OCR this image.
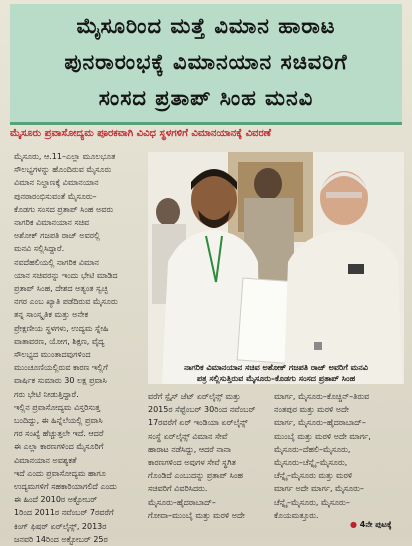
ಮೈಸೂರಿಂದ ಮತ್ತೆ ವಿಮಾನ ಹಾರಾಟ
ಪುನರಾರಂಭಕ್ಕೆ ವಿಮಾನಯಾನ ಸಚಿವರಿಗೆ
ಸಂಸದ ಪ್ರತಾಪ್ ಸಿಂಹ ಮನವಿ
ಮೈಸೂರು ಪ್ರವಾಸೋದ್ಯಮ ಪೂರಕವಾಗಿ ವಿವಿಧ ಸ್ಥಳಗಳಿಗೆ ವಿಮಾನಯಾನಕ್ಕೆ ವಿವರಣೆ

ಮೈಸೂರು, ಆ.11–ಎಲ್ಲಾ ಮೂಲಭೂತ

ಸೌಲಭ್ಯಗಳನ್ನು ಹೊಂದಿರುವ ಮೈಸೂರು

ವಿಮಾನ ನಿಲ್ದಾಣಕ್ಕೆ ವಿಮಾನಯಾನ

ಪುನರಾರಂಭಿಸುವಂತೆ ಮೈಸೂರು–

ಕೊಡಗು ಸಂಸದ ಪ್ರತಾಪ್ ಸಿಂಹ ಅವರು

ನಾಗರಿಕ ವಿಮಾನಯಾನ ಸಚಿವ

ಅಶೋಕ್ ಗಜಪತಿ ರಾಜ್ ಅವರಲ್ಲಿ

ಮನವಿ ಸಲ್ಲಿಸಿದ್ದಾರೆ.

ನವದೆಹಲಿಯಲ್ಲಿ ನಾಗರಿಕ ವಿಮಾನ

ಯಾನ ಸಚಿವರನ್ನು ಇಂದು ಭೇಟಿ ಮಾಡಿದ

ಪ್ರತಾಪ್ ಸಿಂಹ, ದೇಶದ ಅತ್ಯಂತ ಸ್ವಚ್ಛ

ನಗರ ಎಂಬ ಖ್ಯಾತಿ ಪಡೆದಿರುವ ಮೈಸೂರು

ತನ್ನ ಸಾಂಸ್ಕೃತಿಕ ಮತ್ತು ಅನೇಕ

ಪ್ರೇಕ್ಷಣೀಯ ಸ್ಥಳಗಳು, ಉದ್ಯಮ ಸ್ನೇಹಿ

ವಾತಾವರಣ, ಯೋಗ, ಶಿಕ್ಷಣ, ವೈದ್ಯ

ಸೌಲಭ್ಯದ ಮುಂತಾದವುಗಳಿಂದ

ಮುಂಚೂಣಿಯಲ್ಲಿರುವ ಕಾರಣ ಇಲ್ಲಿಗೆ

ವಾರ್ಷಿಕ ಸುಮಾರು 30 ಲಕ್ಷ ಪ್ರವಾಸಿ

ಗರು ಭೇಟಿ ನೀಡುತ್ತಿದ್ದಾರೆ.

ಇಲ್ಲಿನ ಪ್ರವಾಸೋದ್ಯಮ ವಿಸ್ತರಿಸುತ್ತ

ಬಂದಿದ್ದು, ಈ ಹಿನ್ನೆಲೆಯಲ್ಲಿ ಪ್ರವಾಸಿ

ಗರ ಸಂಖ್ಯೆ ಹೆಚ್ಚುತ್ತಲೇ ಇದೆ. ಆದರೆ

ಈ ಎಲ್ಲಾ ಕಾರಣಗಳಿಂದ ಮೈಸೂರಿಗೆ

ವಿಮಾನಯಾನ ಅವಶ್ಯಕತೆ

ಇದೆ ಎಂದು ಪ್ರವಾಸೋದ್ಯಮ ಹಾಗೂ

ಉದ್ಯಮಗಳಿಗೆ ಸಹಕಾರಿಯಾಗಲಿದೆ ಎಂದು

ಈ ಹಿಂದೆ 2010ರ ಅಕ್ಟೋಬರ್

1ರಿಂದ 2011ರ ನವೆಂಬರ್ 7ರವರೆಗೆ

ಕಿಂಗ್ ಫಿಷರ್ ಏರ್‌ಲೈನ್ಸ್, 2013ರ

ಜನವರಿ 14ರಿಂದ ಅಕ್ಟೋಬರ್ 25ರ

ನಾಗರಿಕ ವಿಮಾನಯಾನ ಸಚಿವ ಅಶೋಕ್ ಗಜಪತಿ ರಾಜ್ ಅವರಿಗೆ ಮನವಿ

ಪತ್ರ ಸಲ್ಲಿಸುತ್ತಿರುವ ಮೈಸೂರು–ಕೊಡಗು ಸಂಸದ ಪ್ರತಾಪ್ ಸಿಂಹ

ವರೆಗೆ ಸ್ಪೈಸ್ ಜೆಟ್ ಏರ್‌ಲೈನ್ಸ್ ಮತ್ತು

2015ರ ಸೆಪ್ಟೆಂಬರ್ 30ರಿಂದ ನವೆಂಬರ್

17ರವರೆಗೆ ಏರ್ ಇಂಡಿಯಾ ಏರ್‌ಲೈನ್ಸ್

ಸಂಸ್ಥೆ ಏರ್‌ಲೈನ್ಸ್ ವಿಮಾನ ಸೇವೆ

ಹಾರಾಟ ನಡೆಸಿದ್ದು, ಆದರೆ ನಾನಾ

ಕಾರಣಗಳಿಂದ ಅವುಗಳ ಸೇವೆ ಸ್ಥಗಿತ

ಗೊಂಡಿದೆ ಎಂಬುದನ್ನು ಪ್ರತಾಪ್ ಸಿಂಹ

ಸಚಿವರಿಗೆ ವಿವರಿಸಿದರು.

ಮೈಸೂರು–ಹೈದರಾಬಾದ್–

ಗೋವಾ–ಮುಂಬೈ ಮತ್ತು ಮರಳಿ ಅದೇ

ಮಾರ್ಗ, ಮೈಸೂರು–ಕೊಚ್ಚಿನ್–ತಿರುವ

ನಂತಪುರ ಮತ್ತು ಮರಳಿ ಅದೇ

ಮಾರ್ಗ, ಮೈಸೂರು–ಹೈದರಾಬಾದ್–

ಮುಂಬೈ ಮತ್ತು ಮರಳಿ ಅದೇ ಮಾರ್ಗ,

ಮೈಸೂರು–ದೆಹಲಿ–ಮೈಸೂರು,

ಮೈಸೂರು–ಚೆನ್ನೈ–ಮೈಸೂರು,

ಚೆನ್ನೈ–ಮೈಸೂರು ಮತ್ತು ಮರಳಿ

ಮಾರ್ಗ ಅದೇ ಮಾರ್ಗ, ಮೈಸೂರು–

ಚೆನ್ನೈ–ಮೈಸೂರು, ಮೈಸೂರು–

ಕೊಯಮತ್ತೂರು.

● 4ನೇ ಪುಟಕ್ಕೆ
